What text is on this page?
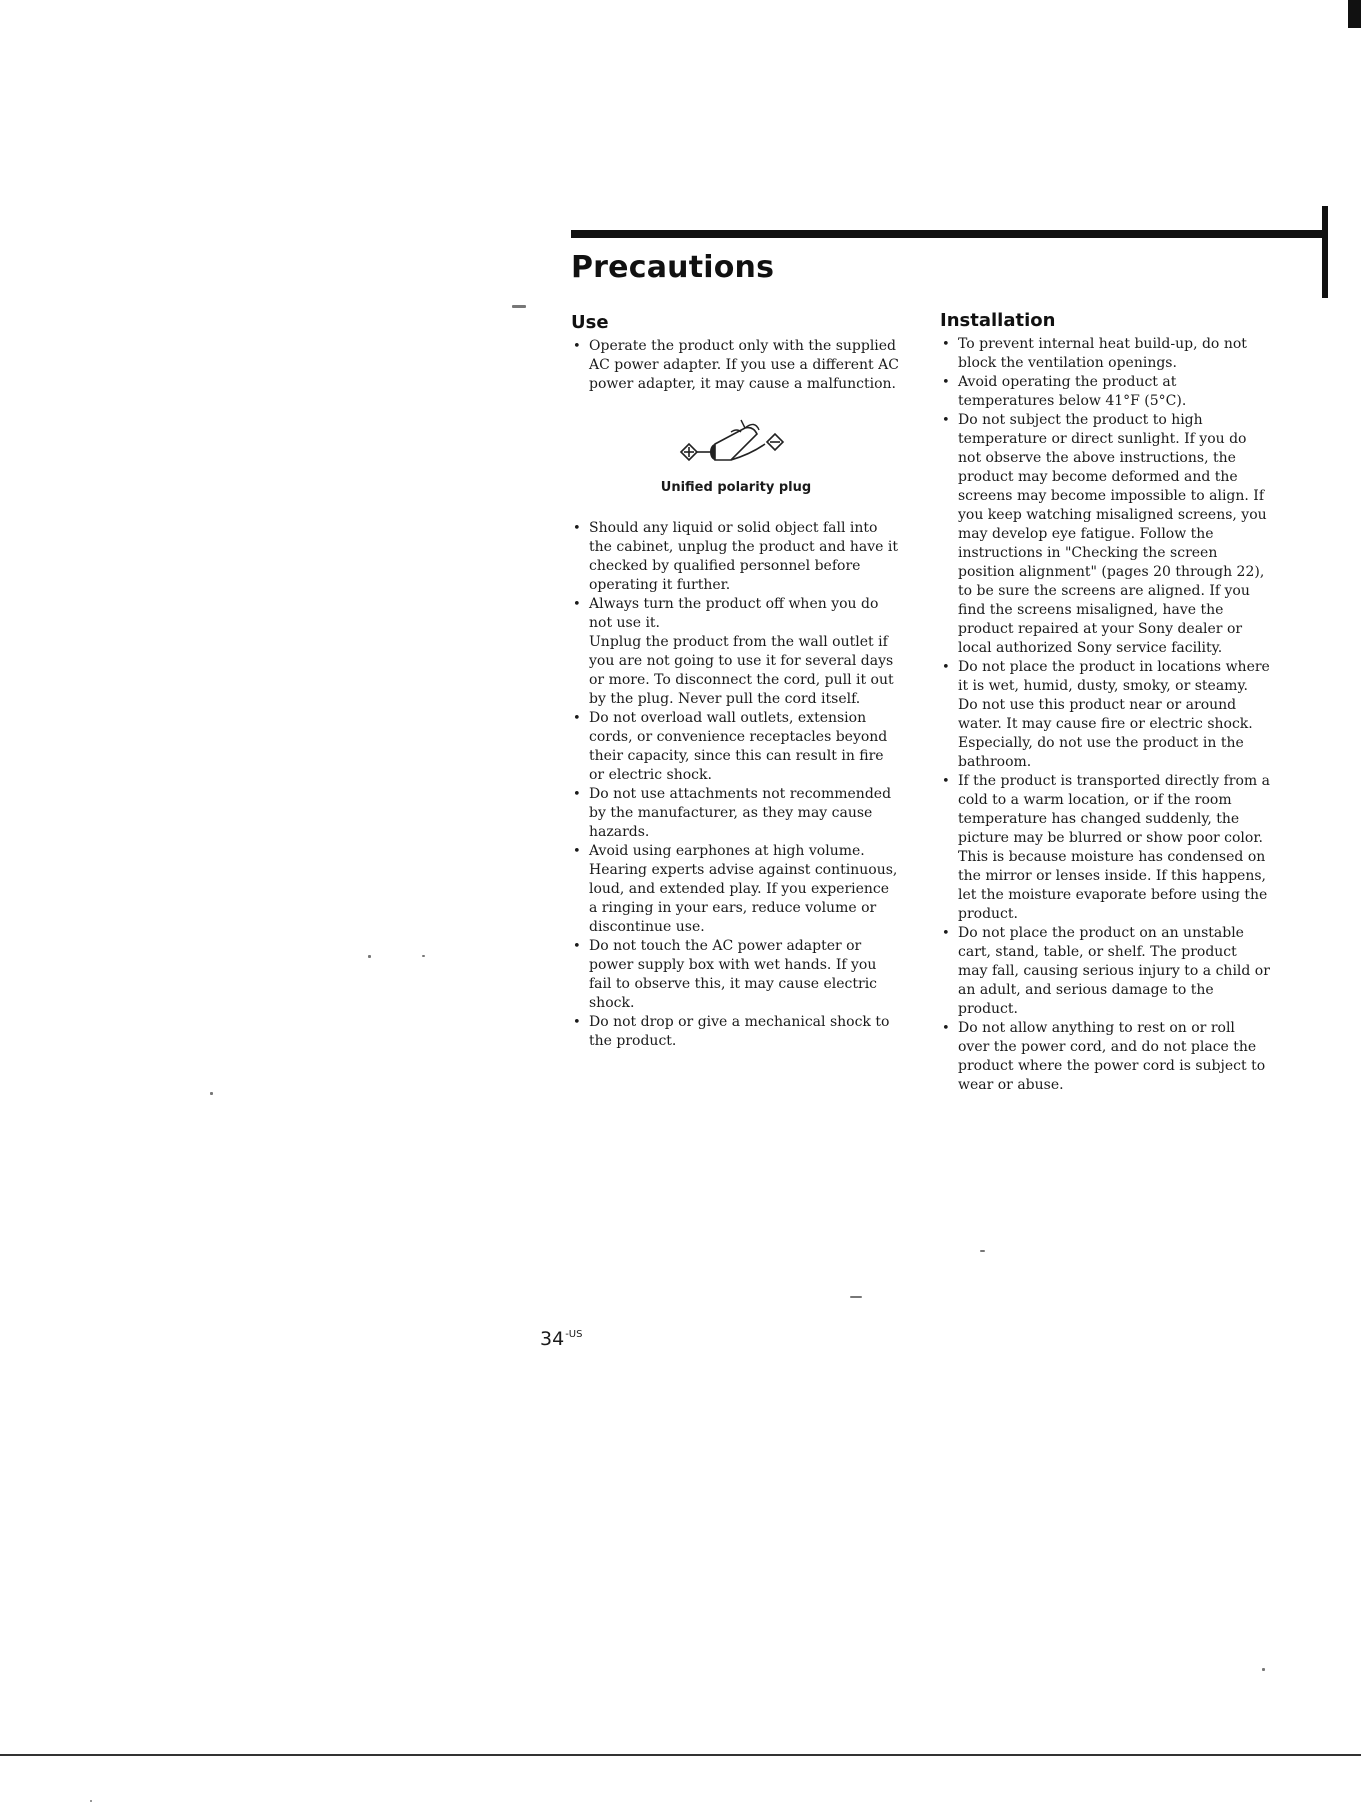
Precautions
Use
• Operate the product only with the supplied AC power adapter. If you use a different AC power adapter, it may cause a malfunction.
Unified polarity plug
• Should any liquid or solid object fall into the cabinet, unplug the product and have it checked by qualified personnel before operating it further.
• Always turn the product off when you do not use it.
Unplug the product from the wall outlet if you are not going to use it for several days or more. To disconnect the cord, pull it out by the plug. Never pull the cord itself.
• Do not overload wall outlets, extension cords, or convenience receptacles beyond their capacity, since this can result in fire or electric shock.
• Do not use attachments not recommended by the manufacturer, as they may cause hazards.
• Avoid using earphones at high volume. Hearing experts advise against continuous, loud, and extended play. If you experience a ringing in your ears, reduce volume or discontinue use.
• Do not touch the AC power adapter or power supply box with wet hands. If you fail to observe this, it may cause electric shock.
• Do not drop or give a mechanical shock to the product.
Installation
• To prevent internal heat build-up, do not block the ventilation openings.
• Avoid operating the product at temperatures below 41°F (5°C).
• Do not subject the product to high temperature or direct sunlight. If you do not observe the above instructions, the product may become deformed and the screens may become impossible to align. If you keep watching misaligned screens, you may develop eye fatigue. Follow the instructions in "Checking the screen position alignment" (pages 20 through 22), to be sure the screens are aligned. If you find the screens misaligned, have the product repaired at your Sony dealer or local authorized Sony service facility.
• Do not place the product in locations where it is wet, humid, dusty, smoky, or steamy. Do not use this product near or around water. It may cause fire or electric shock. Especially, do not use the product in the bathroom.
• If the product is transported directly from a cold to a warm location, or if the room temperature has changed suddenly, the picture may be blurred or show poor color. This is because moisture has condensed on the mirror or lenses inside. If this happens, let the moisture evaporate before using the product.
• Do not place the product on an unstable cart, stand, table, or shelf. The product may fall, causing serious injury to a child or an adult, and serious damage to the product.
• Do not allow anything to rest on or roll over the power cord, and do not place the product where the power cord is subject to wear or abuse.
$34^{-US}$
